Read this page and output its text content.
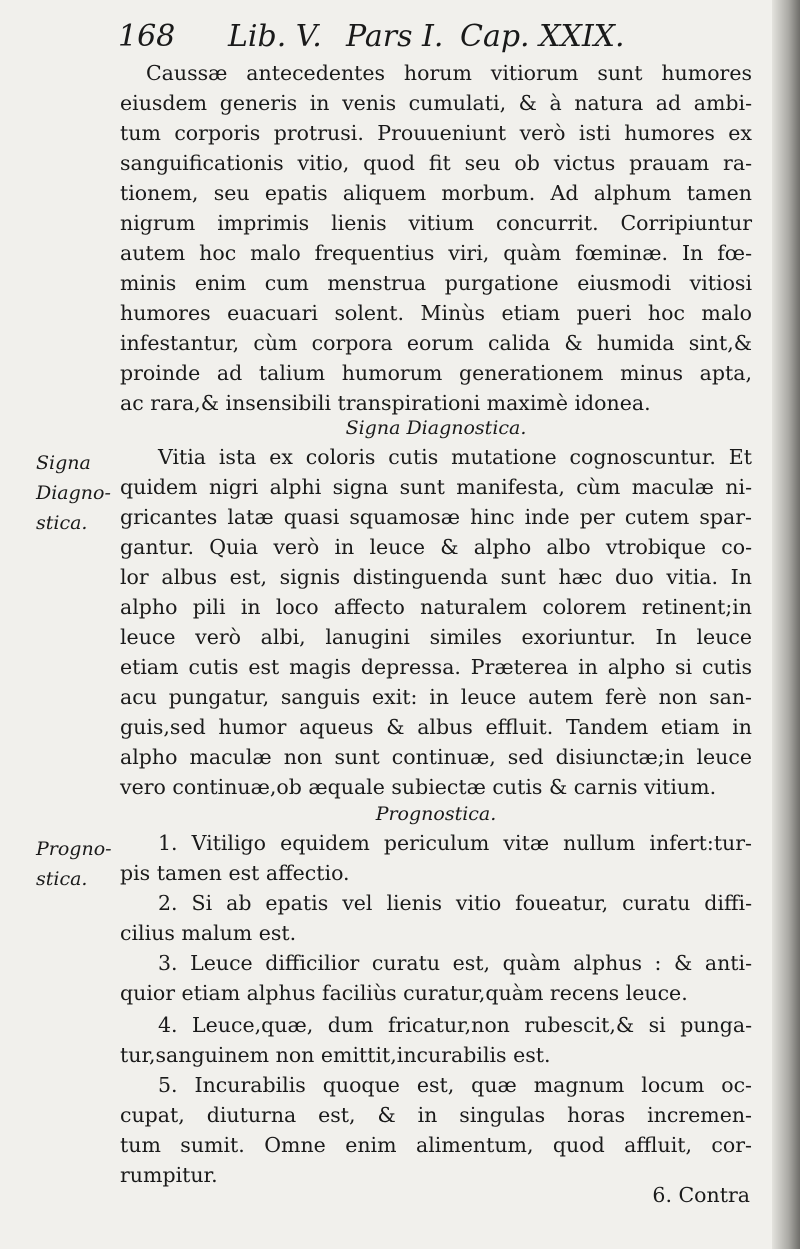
168 Lib. V. Pars I. Cap. XXIX.
Caussæ antecedentes horum vitiorum sunt humores
eiusdem generis in venis cumulati, & à natura ad ambi-
tum corporis protrusi. Prouueniunt verò isti humores ex
sanguificationis vitio, quod fit seu ob victus prauam ra-
tionem, seu epatis aliquem morbum. Ad alphum tamen
nigrum imprimis lienis vitium concurrit. Corripiuntur
autem hoc malo frequentius viri, quàm fœminæ. In fœ-
minis enim cum menstrua purgatione eiusmodi vitiosi
humores euacuari solent. Minùs etiam pueri hoc malo
infestantur, cùm corpora eorum calida & humida sint,&
proinde ad talium humorum generationem minus apta,
ac rara,& insensibili transpirationi maximè idonea.
Signa Diagnostica.
Signa
Diagno-
stica.
Vitia ista ex coloris cutis mutatione cognoscuntur. Et
quidem nigri alphi signa sunt manifesta, cùm maculæ ni-
gricantes latæ quasi squamosæ hinc inde per cutem spar-
gantur. Quia verò in leuce & alpho albo vtrobique co-
lor albus est, signis distinguenda sunt hæc duo vitia. In
alpho pili in loco affecto naturalem colorem retinent;in
leuce verò albi, lanugini similes exoriuntur. In leuce
etiam cutis est magis depressa. Præterea in alpho si cutis
acu pungatur, sanguis exit: in leuce autem ferè non san-
guis,sed humor aqueus & albus effluit. Tandem etiam in
alpho maculæ non sunt continuæ, sed disiunctæ;in leuce
vero continuæ,ob æquale subiectæ cutis & carnis vitium.
Prognostica.
Progno-
stica.
1. Vitiligo equidem periculum vitæ nullum infert:tur-
pis tamen est affectio.
2. Si ab epatis vel lienis vitio foueatur, curatu diffi-
cilius malum est.
3. Leuce difficilior curatu est, quàm alphus : & anti-
quior etiam alphus faciliùs curatur,quàm recens leuce.
4. Leuce,quæ, dum fricatur,non rubescit,& si punga-
tur,sanguinem non emittit,incurabilis est.
5. Incurabilis quoque est, quæ magnum locum oc-
cupat, diuturna est, & in singulas horas incremen-
tum sumit. Omne enim alimentum, quod affluit, cor-
rumpitur.
6. Contra
